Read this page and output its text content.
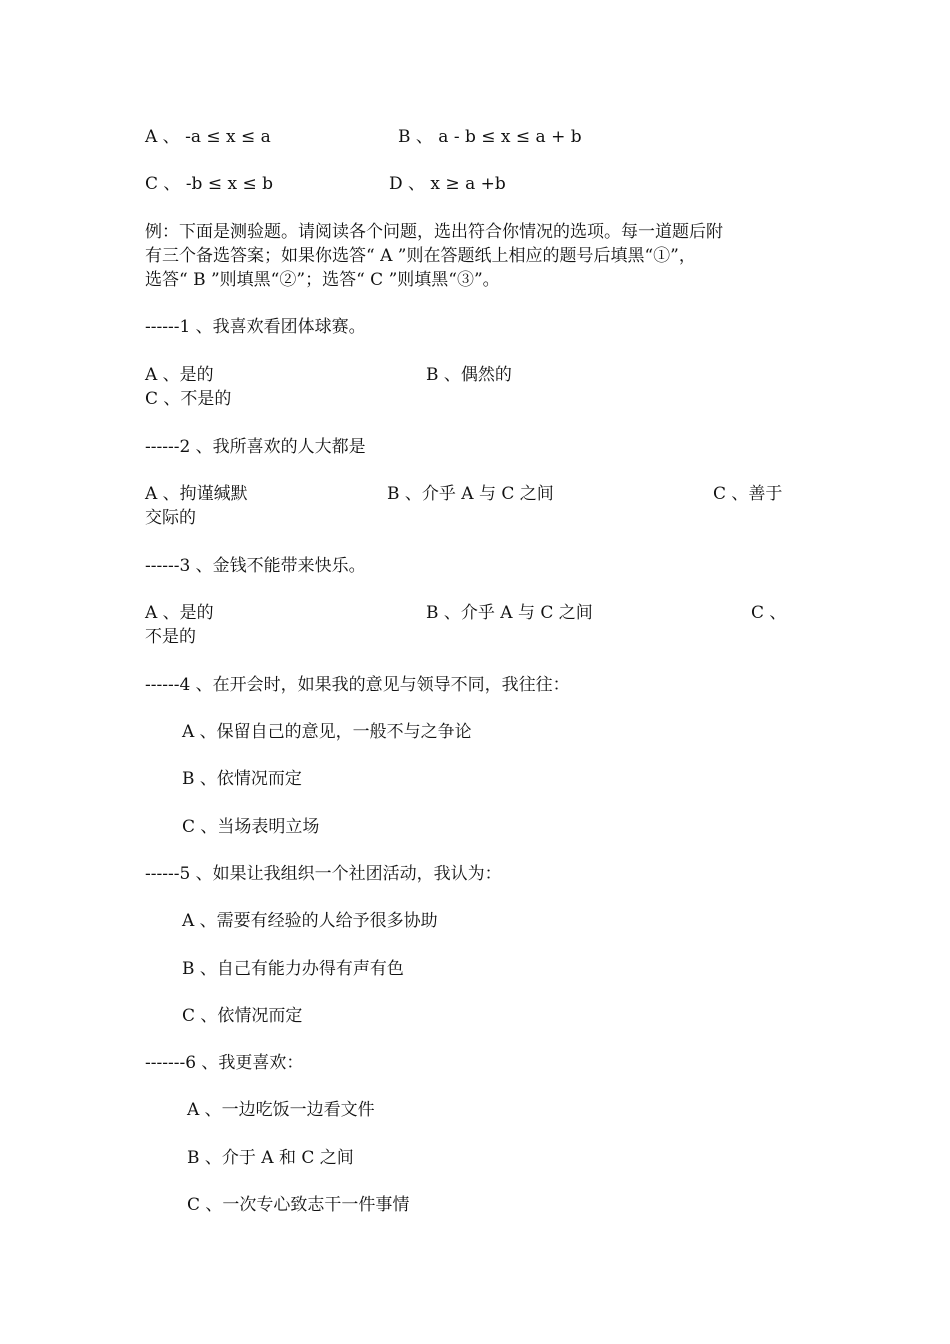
A 、 -a ≤ x ≤ a	B 、 a - b ≤ x ≤ a + b
C 、 -b ≤ x ≤ b	D 、 x ≥ a +b
例：下面是测验题。请阅读各个问题，选出符合你情况的选项。每一道题后附
有三个备选答案；如果你选答“ A ”则在答题纸上相应的题号后填黑“①”，
选答“ B ”则填黑“②”；选答“ C ”则填黑“③”。
------1 、我喜欢看团体球赛。
A 、是的	B 、偶然的
C 、不是的
------2 、我所喜欢的人大都是
A 、拘谨缄默	B 、介乎 A 与 C 之间	C 、善于
交际的
------3 、金钱不能带来快乐。
A 、是的	B 、介乎 A 与 C 之间	C 、
不是的
------4 、在开会时，如果我的意见与领导不同，我往往：
A 、保留自己的意见，一般不与之争论
B 、依情况而定
C 、当场表明立场
------5 、如果让我组织一个社团活动，我认为：
A 、需要有经验的人给予很多协助
B 、自己有能力办得有声有色
C 、依情况而定
-------6 、我更喜欢：
A 、一边吃饭一边看文件
B 、介于 A 和 C 之间
C 、一次专心致志干一件事情
